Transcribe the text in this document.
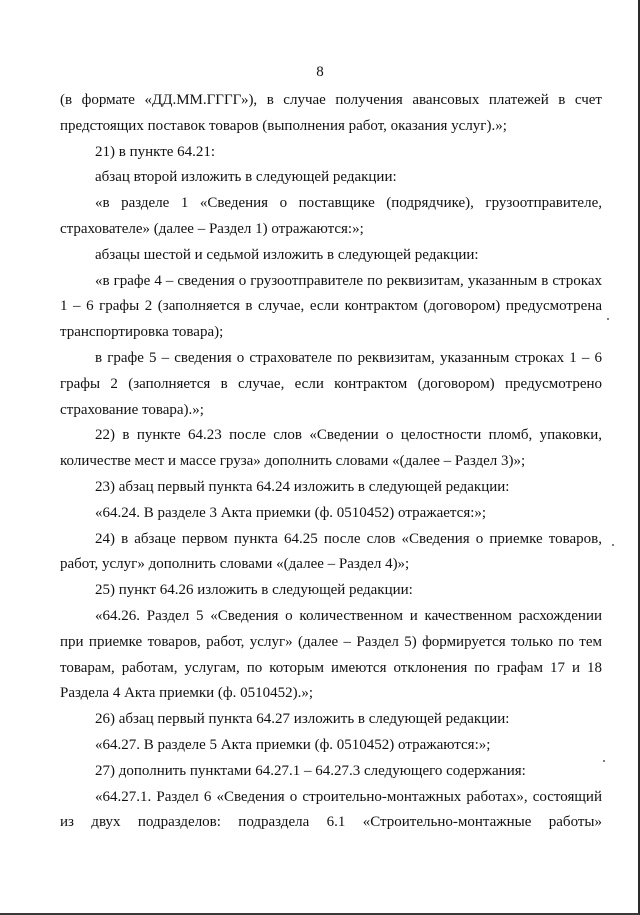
8

(в формате «ДД.ММ.ГГГГ»), в случае получения авансовых платежей в счет предстоящих поставок товаров (выполнения работ, оказания услуг).»;

21) в пункте 64.21:

абзац второй изложить в следующей редакции:

«в разделе 1 «Сведения о поставщике (подрядчике), грузоотправителе, страхователе» (далее – Раздел 1) отражаются:»;

абзацы шестой и седьмой изложить в следующей редакции:

«в графе 4 – сведения о грузоотправителе по реквизитам, указанным в строках 1 – 6 графы 2 (заполняется в случае, если контрактом (договором) предусмотрена транспортировка товара);

в графе 5 – сведения о страхователе по реквизитам, указанным строках 1 – 6 графы 2 (заполняется в случае, если контрактом (договором) предусмотрено страхование товара).»;

22) в пункте 64.23 после слов «Сведении о целостности пломб, упаковки, количестве мест и массе груза» дополнить словами «(далее – Раздел 3)»;

23) абзац первый пункта 64.24 изложить в следующей редакции:

«64.24. В разделе 3 Акта приемки (ф. 0510452) отражается:»;

24) в абзаце первом пункта 64.25 после слов «Сведения о приемке товаров, работ, услуг» дополнить словами «(далее – Раздел 4)»;

25) пункт 64.26 изложить в следующей редакции:

«64.26. Раздел 5 «Сведения о количественном и качественном расхождении при приемке товаров, работ, услуг» (далее – Раздел 5) формируется только по тем товарам, работам, услугам, по которым имеются отклонения по графам 17 и 18 Раздела 4 Акта приемки (ф. 0510452).»;

26) абзац первый пункта 64.27 изложить в следующей редакции:

«64.27. В разделе 5 Акта приемки (ф. 0510452) отражаются:»;

27) дополнить пунктами 64.27.1 – 64.27.3 следующего содержания:

«64.27.1. Раздел 6 «Сведения о строительно-монтажных работах», состоящий из двух подразделов: подраздела 6.1 «Строительно-монтажные работы»
